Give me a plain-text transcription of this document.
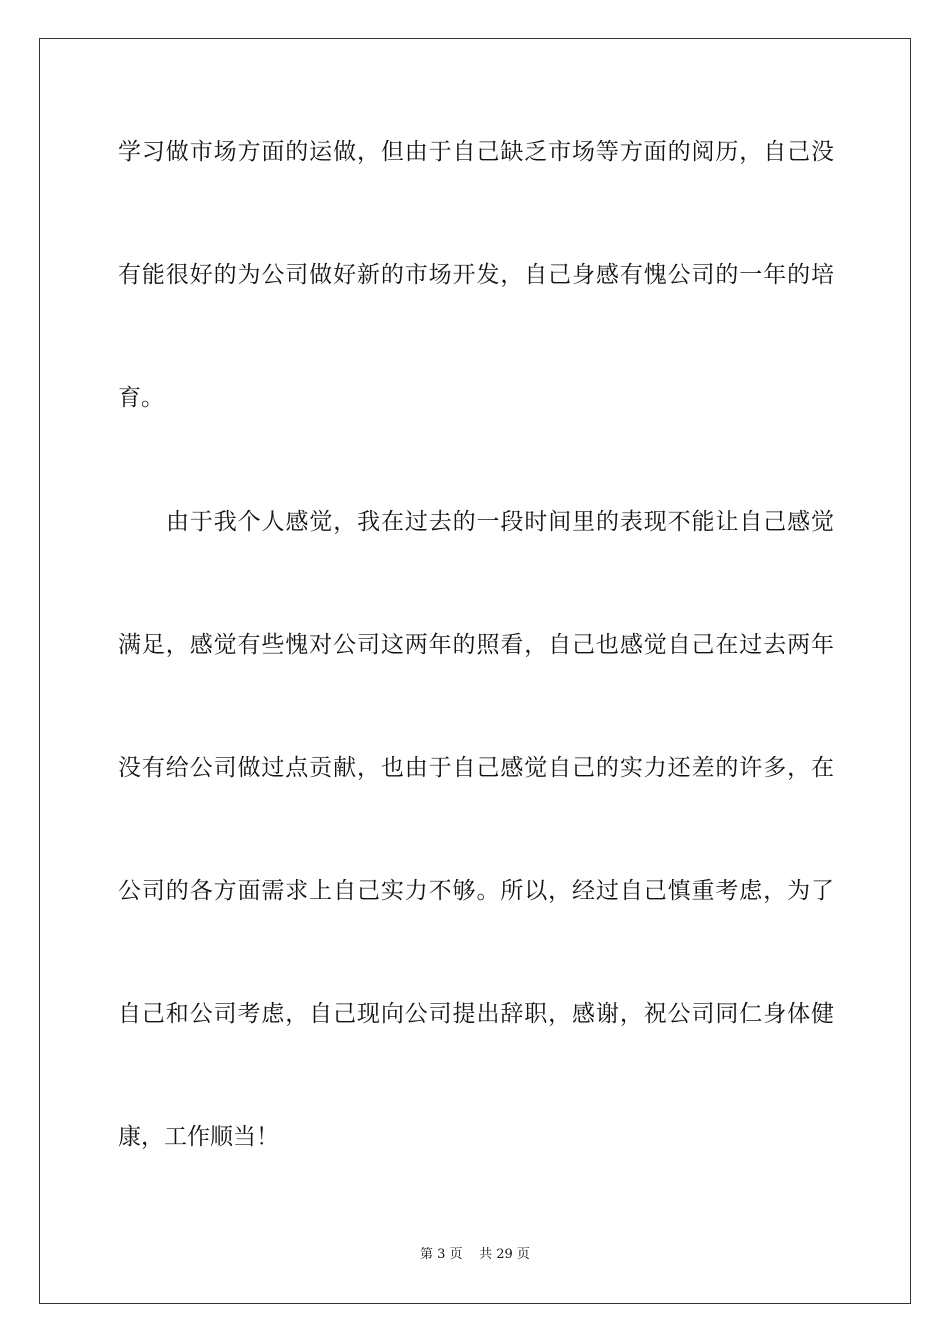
学习做市场方面的运做，但由于自己缺乏市场等方面的阅历，自己没
有能很好的为公司做好新的市场开发，自己身感有愧公司的一年的培
育。
由于我个人感觉，我在过去的一段时间里的表现不能让自己感觉
满足，感觉有些愧对公司这两年的照看，自己也感觉自己在过去两年
没有给公司做过点贡献，也由于自己感觉自己的实力还差的许多，在
公司的各方面需求上自己实力不够。所以，经过自己慎重考虑，为了
自己和公司考虑，自己现向公司提出辞职，感谢，祝公司同仁身体健
康，工作顺当！
第 3 页 共 29 页
